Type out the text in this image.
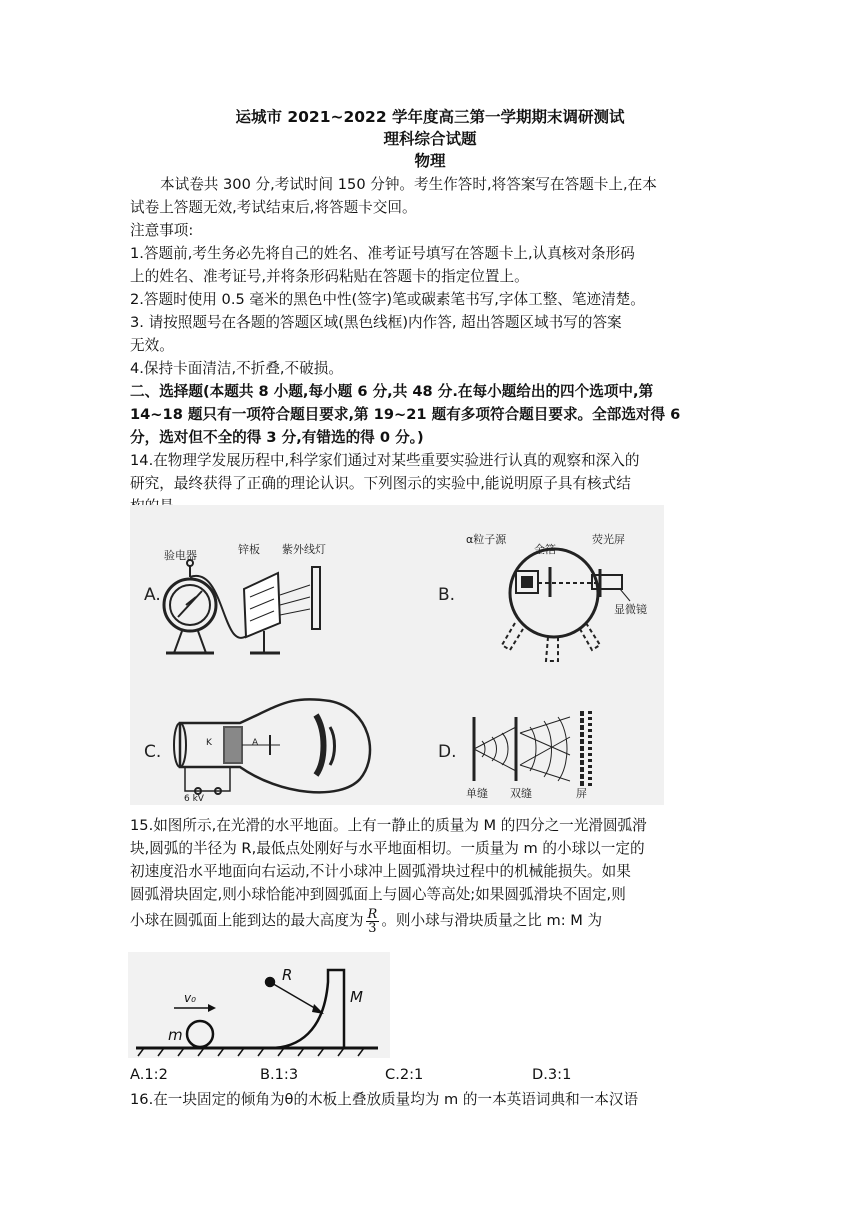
运城市 2021~2022 学年度高三第一学期期末调研测试
理科综合试题
物理
本试卷共 300 分,考试时间 150 分钟。考生作答时,将答案写在答题卡上,在本
试卷上答题无效,考试结束后,将答题卡交回。
注意事项:
1.答题前,考生务必先将自己的姓名、准考证号填写在答题卡上,认真核对条形码
上的姓名、准考证号,并将条形码粘贴在答题卡的指定位置上。
2.答题时使用 0.5 毫米的黑色中性(签字)笔或碳素笔书写,字体工整、笔迹清楚。
3. 请按照题号在各题的答题区域(黑色线框)内作答, 超出答题区域书写的答案
无效。
4.保持卡面清洁,不折叠,不破损。
二、选择题(本题共 8 小题,每小题 6 分,共 48 分.在每小题给出的四个选项中,第
14~18 题只有一项符合题目要求,第 19~21 题有多项符合题目要求。全部选对得 6
分，选对但不全的得 3 分,有错选的得 0 分。)
14.在物理学发展历程中,科学家们通过对某些重要实验进行认真的观察和深入的
研究，最终获得了正确的理论认识。下列图示的实验中,能说明原子具有核式结
A.
验电器	锌板 紫外线灯
B.
α粒子源
金箔
荧光屏
显微镜
C.	K	A
6 kV
D.
单缝 双缝	屏
15.如图所示,在光滑的水平地面。上有一静止的质量为 M 的四分之一光滑圆弧滑
块,圆弧的半径为 R,最低点处刚好与水平地面相切。一质量为 m 的小球以一定的
初速度沿水平地面向右运动,不计小球冲上圆弧滑块过程中的机械能损失。如果
圆弧滑块固定,则小球恰能冲到圆弧面上与圆心等高处;如果圆弧滑块不固定,则
小球在圆弧面上能到达的最大高度为 $\frac{R}{3}$ 。则小球与滑块质量之比 m: M 为
R
M
v₀
m
A.1:2	B.1:3	C.2:1	D.3:1
16.在一块固定的倾角为θ的木板上叠放质量均为 m 的一本英语词典和一本汉语
